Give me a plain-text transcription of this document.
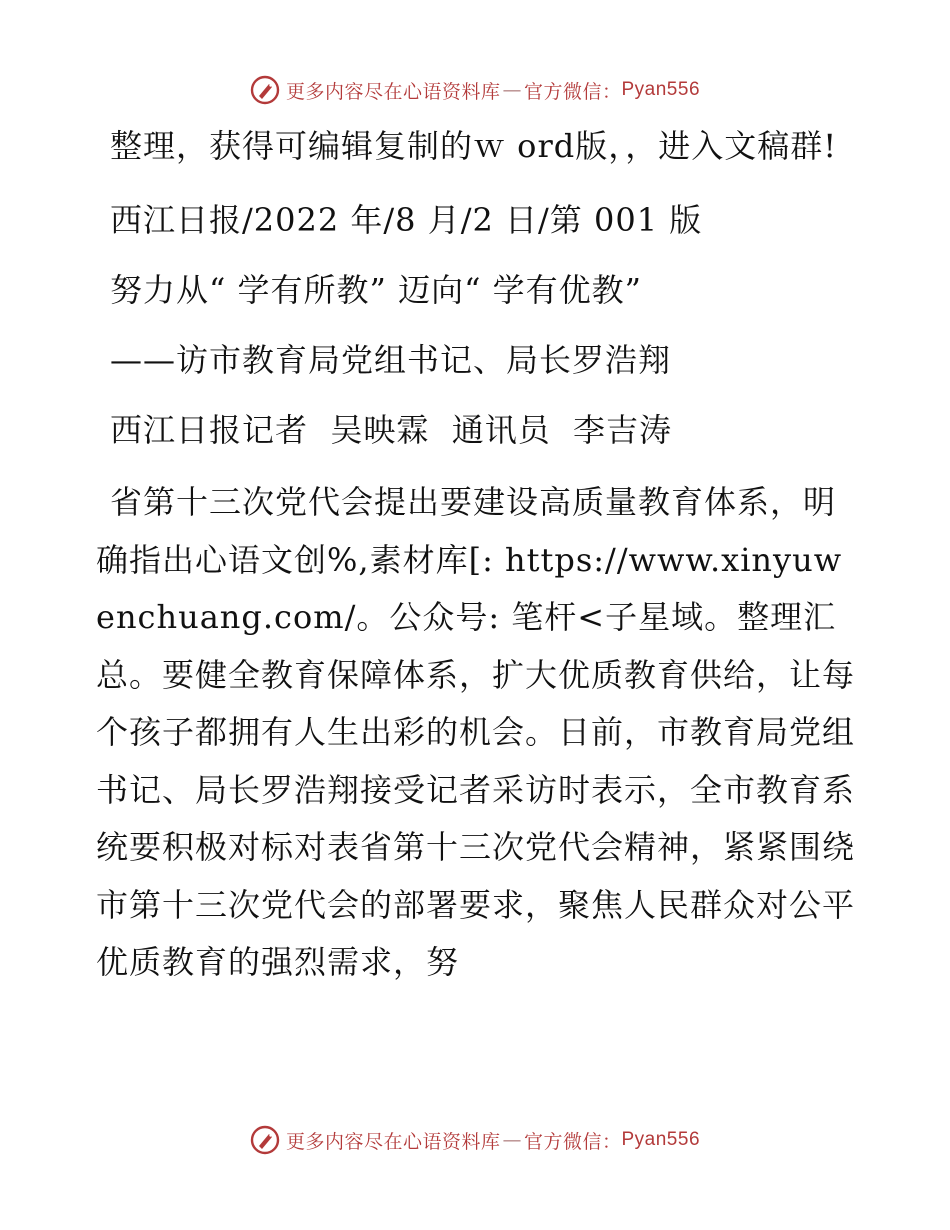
更多内容尽在心语资料库 — 官方微信： Pyan556

整理，获得可编辑复制的ｗ ord版，，进入文稿群!

西江日报/2022 年/8 月/2 日/第 001 版

努力从“ 学有所教” 迈向“ 学有优教”

——访市教育局党组书记、局长罗浩翔

西江日报记者  吴映霖  通讯员  李吉涛

省第十三次党代会提出要建设高质量教育体系，明确指出心语文创%,素材库[: https://www.xinyuwenchuang.com/。公众号: 笔杆<子星域。整理汇总。要健全教育保障体系，扩大优质教育供给，让每个孩子都拥有人生出彩的机会。日前，市教育局党组书记、局长罗浩翔接受记者采访时表示，全市教育系统要积极对标对表省第十三次党代会精神，紧紧围绕市第十三次党代会的部署要求，聚焦人民群众对公平优质教育的强烈需求，努

更多内容尽在心语资料库 — 官方微信： Pyan556
